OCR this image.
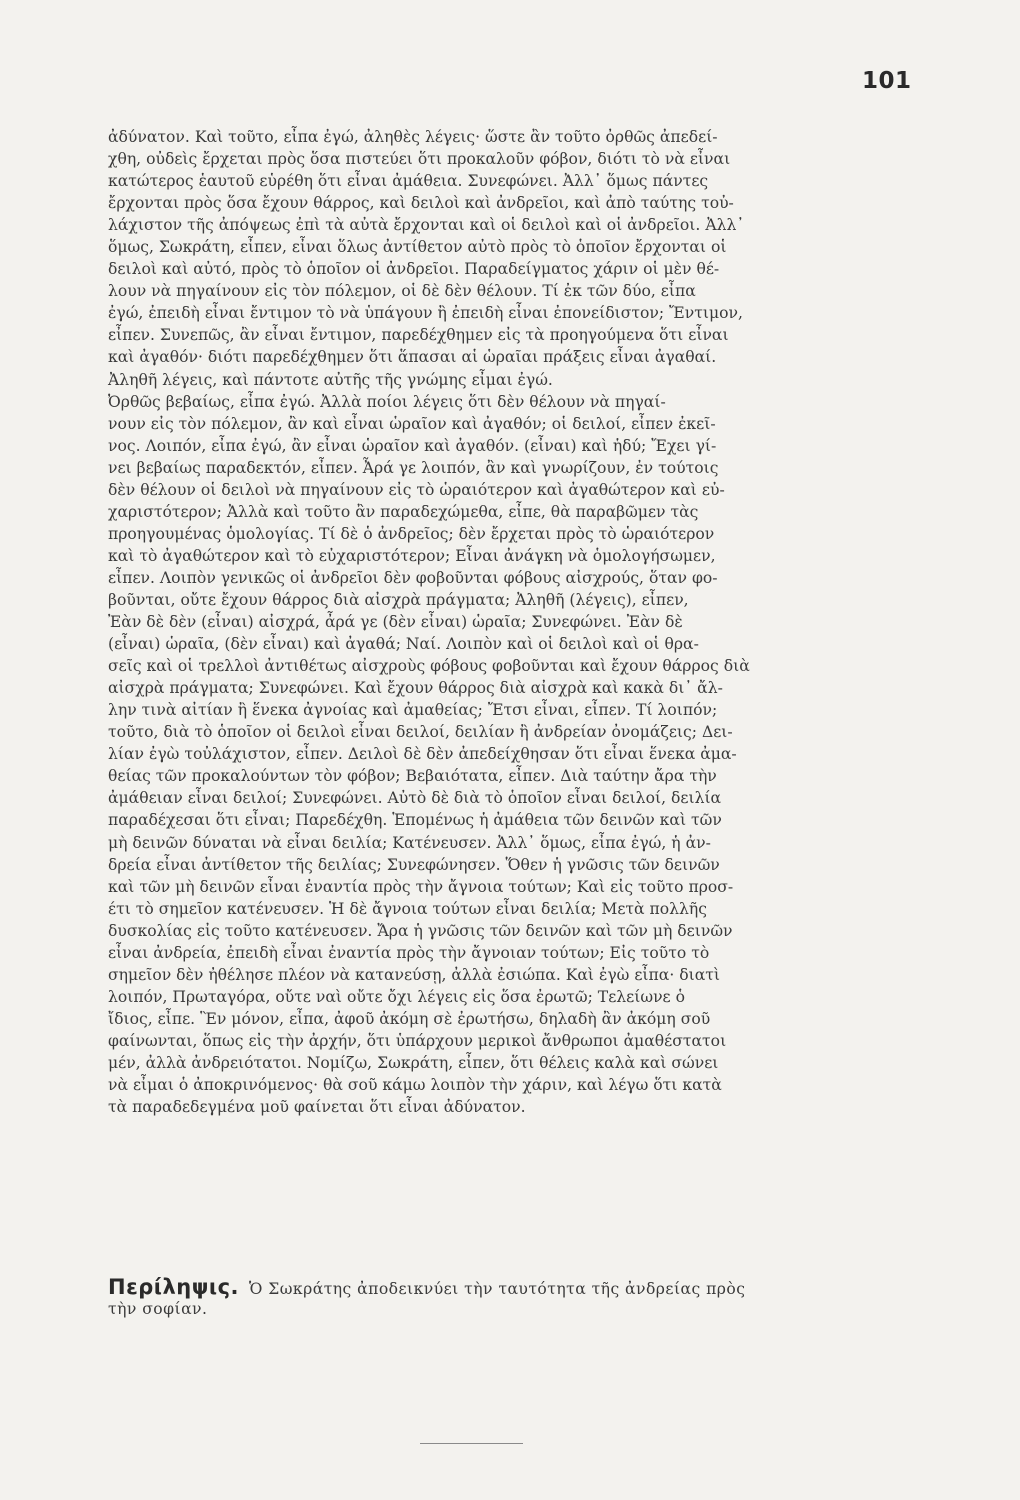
101
ἀδύνατον. Καὶ τοῦτο, εἶπα ἐγώ, ἀληθὲς λέγεις· ὥστε ἂν τοῦτο ὀρθῶς ἀπεδεί-
χθη, οὐδεὶς ἔρχεται πρὸς ὅσα πιστεύει ὅτι προκαλοῦν φόβον, διότι τὸ νὰ εἶναι
κατώτερος ἑαυτοῦ εὑρέθη ὅτι εἶναι ἀμάθεια. Συνεφώνει. Ἀλλ᾽ ὅμως πάντες
ἔρχονται πρὸς ὅσα ἔχουν θάρρος, καὶ δειλοὶ καὶ ἀνδρεῖοι, καὶ ἀπὸ ταύτης τοὐ-
λάχιστον τῆς ἀπόψεως ἐπὶ τὰ αὐτὰ ἔρχονται καὶ οἱ δειλοὶ καὶ οἱ ἀνδρεῖοι. Ἀλλ᾽
ὅμως, Σωκράτη, εἶπεν, εἶναι ὅλως ἀντίθετον αὐτὸ πρὸς τὸ ὁποῖον ἔρχονται οἱ
δειλοὶ καὶ αὐτό, πρὸς τὸ ὁποῖον οἱ ἀνδρεῖοι. Παραδείγματος χάριν οἱ μὲν θέ-
λουν νὰ πηγαίνουν εἰς τὸν πόλεμον, οἱ δὲ δὲν θέλουν. Τί ἐκ τῶν δύο, εἶπα
ἐγώ, ἐπειδὴ εἶναι ἔντιμον τὸ νὰ ὑπάγουν ἢ ἐπειδὴ εἶναι ἐπονείδιστον; Ἔντιμον,
εἶπεν. Συνεπῶς, ἂν εἶναι ἔντιμον, παρεδέχθημεν εἰς τὰ προηγούμενα ὅτι εἶναι
καὶ ἀγαθόν· διότι παρεδέχθημεν ὅτι ἅπασαι αἱ ὡραῖαι πράξεις εἶναι ἀγαθαί.
Ἀληθῆ λέγεις, καὶ πάντοτε αὐτῆς τῆς γνώμης εἶμαι ἐγώ.
Ὀρθῶς βεβαίως, εἶπα ἐγώ. Ἀλλὰ ποίοι λέγεις ὅτι δὲν θέλουν νὰ πηγαί-
νουν εἰς τὸν πόλεμον, ἂν καὶ εἶναι ὡραῖον καὶ ἀγαθόν; οἱ δειλοί, εἶπεν ἐκεῖ-
νος. Λοιπόν, εἶπα ἐγώ, ἂν εἶναι ὡραῖον καὶ ἀγαθόν. (εἶναι) καὶ ἡδύ; Ἔχει γί-
νει βεβαίως παραδεκτόν, εἶπεν. Ἆρά γε λοιπόν, ἂν καὶ γνωρίζουν, ἐν τούτοις
δὲν θέλουν οἱ δειλοὶ νὰ πηγαίνουν εἰς τὸ ὡραιότερον καὶ ἀγαθώτερον καὶ εὐ-
χαριστότερον; Ἀλλὰ καὶ τοῦτο ἂν παραδεχώμεθα, εἶπε, θὰ παραβῶμεν τὰς
προηγουμένας ὁμολογίας. Τί δὲ ὁ ἀνδρεῖος; δὲν ἔρχεται πρὸς τὸ ὡραιότερον
καὶ τὸ ἀγαθώτερον καὶ τὸ εὐχαριστότερον; Εἶναι ἀνάγκη νὰ ὁμολογήσωμεν,
εἶπεν. Λοιπὸν γενικῶς οἱ ἀνδρεῖοι δὲν φοβοῦνται φόβους αἰσχρούς, ὅταν φο-
βοῦνται, οὔτε ἔχουν θάρρος διὰ αἰσχρὰ πράγματα; Ἀληθῆ (λέγεις), εἶπεν,
Ἐὰν δὲ δὲν (εἶναι) αἰσχρά, ἆρά γε (δὲν εἶναι) ὡραῖα; Συνεφώνει. Ἐὰν δὲ
(εἶναι) ὡραῖα, (δὲν εἶναι) καὶ ἀγαθά; Ναί. Λοιπὸν καὶ οἱ δειλοὶ καὶ οἱ θρα-
σεῖς καὶ οἱ τρελλοὶ ἀντιθέτως αἰσχροὺς φόβους φοβοῦνται καὶ ἔχουν θάρρος διὰ
αἰσχρὰ πράγματα; Συνεφώνει. Καὶ ἔχουν θάρρος διὰ αἰσχρὰ καὶ κακὰ δι᾽ ἄλ-
λην τινὰ αἰτίαν ἢ ἕνεκα ἀγνοίας καὶ ἀμαθείας; Ἔτσι εἶναι, εἶπεν. Τί λοιπόν;
τοῦτο, διὰ τὸ ὁποῖον οἱ δειλοὶ εἶναι δειλοί, δειλίαν ἢ ἀνδρείαν ὀνομάζεις; Δει-
λίαν ἐγὼ τοὐλάχιστον, εἶπεν. Δειλοὶ δὲ δὲν ἀπεδείχθησαν ὅτι εἶναι ἕνεκα ἀμα-
θείας τῶν προκαλούντων τὸν φόβον; Βεβαιότατα, εἶπεν. Διὰ ταύτην ἄρα τὴν
ἀμάθειαν εἶναι δειλοί; Συνεφώνει. Αὐτὸ δὲ διὰ τὸ ὁποῖον εἶναι δειλοί, δειλία
παραδέχεσαι ὅτι εἶναι; Παρεδέχθη. Ἑπομένως ἡ ἀμάθεια τῶν δεινῶν καὶ τῶν
μὴ δεινῶν δύναται νὰ εἶναι δειλία; Κατένευσεν. Ἀλλ᾽ ὅμως, εἶπα ἐγώ, ἡ ἀν-
δρεία εἶναι ἀντίθετον τῆς δειλίας; Συνεφώνησεν. Ὅθεν ἡ γνῶσις τῶν δεινῶν
καὶ τῶν μὴ δεινῶν εἶναι ἐναντία πρὸς τὴν ἄγνοια τούτων; Καὶ εἰς τοῦτο προσ-
έτι τὸ σημεῖον κατένευσεν. Ἡ δὲ ἄγνοια τούτων εἶναι δειλία; Μετὰ πολλῆς
δυσκολίας εἰς τοῦτο κατένευσεν. Ἄρα ἡ γνῶσις τῶν δεινῶν καὶ τῶν μὴ δεινῶν
εἶναι ἀνδρεία, ἐπειδὴ εἶναι ἐναντία πρὸς τὴν ἄγνοιαν τούτων; Εἰς τοῦτο τὸ
σημεῖον δὲν ἠθέλησε πλέον νὰ κατανεύσῃ, ἀλλὰ ἐσιώπα. Καὶ ἐγὼ εἶπα· διατὶ
λοιπόν, Πρωταγόρα, οὔτε ναὶ οὔτε ὄχι λέγεις εἰς ὅσα ἐρωτῶ; Τελείωνε ὁ
ἴδιος, εἶπε. Ἓν μόνον, εἶπα, ἀφοῦ ἀκόμη σὲ ἐρωτήσω, δηλαδὴ ἂν ἀκόμη σοῦ
φαίνωνται, ὅπως εἰς τὴν ἀρχήν, ὅτι ὑπάρχουν μερικοὶ ἄνθρωποι ἀμαθέστατοι
μέν, ἀλλὰ ἀνδρειότατοι. Νομίζω, Σωκράτη, εἶπεν, ὅτι θέλεις καλὰ καὶ σώνει
νὰ εἶμαι ὁ ἀποκρινόμενος· θὰ σοῦ κάμω λοιπὸν τὴν χάριν, καὶ λέγω ὅτι κατὰ
τὰ παραδεδεγμένα μοῦ φαίνεται ὅτι εἶναι ἀδύνατον.
Περίληψις. Ὁ Σωκράτης ἀποδεικνύει τὴν ταυτότητα τῆς ἀνδρείας πρὸς
τὴν σοφίαν.
